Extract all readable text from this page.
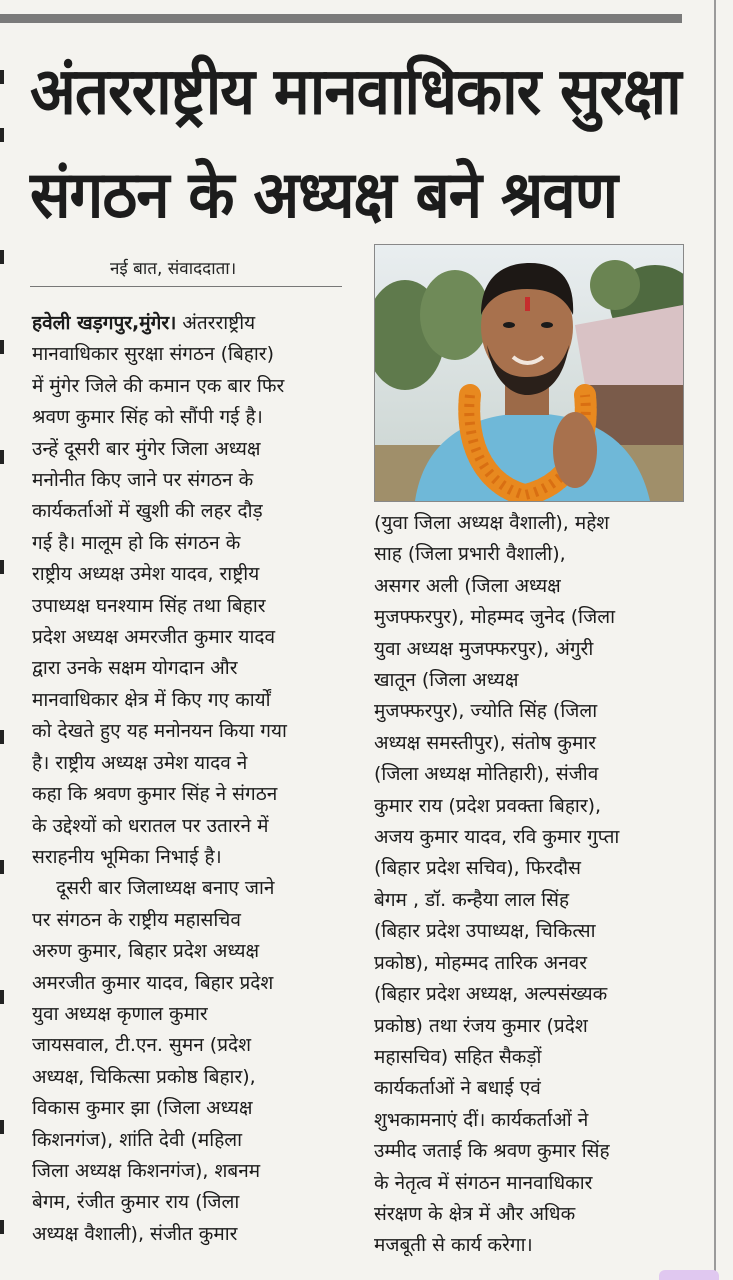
अंतरराष्ट्रीय मानवाधिकार सुरक्षा
संगठन के अध्यक्ष बने श्रवण
नई बात, संवाददाता।
हवेली खड़गपुर,मुंगेर। अंतरराष्ट्रीय
मानवाधिकार सुरक्षा संगठन (बिहार)
में मुंगेर जिले की कमान एक बार फिर
श्रवण कुमार सिंह को सौंपी गई है।
उन्हें दूसरी बार मुंगेर जिला अध्यक्ष
मनोनीत किए जाने पर संगठन के
कार्यकर्ताओं में खुशी की लहर दौड़
गई है। मालूम हो कि संगठन के
राष्ट्रीय अध्यक्ष उमेश यादव, राष्ट्रीय
उपाध्यक्ष घनश्याम सिंह तथा बिहार
प्रदेश अध्यक्ष अमरजीत कुमार यादव
द्वारा उनके सक्षम योगदान और
मानवाधिकार क्षेत्र में किए गए कार्यों
को देखते हुए यह मनोनयन किया गया
है। राष्ट्रीय अध्यक्ष उमेश यादव ने
कहा कि श्रवण कुमार सिंह ने संगठन
के उद्देश्यों को धरातल पर उतारने में
सराहनीय भूमिका निभाई है।
दूसरी बार जिलाध्यक्ष बनाए जाने
पर संगठन के राष्ट्रीय महासचिव
अरुण कुमार, बिहार प्रदेश अध्यक्ष
अमरजीत कुमार यादव, बिहार प्रदेश
युवा अध्यक्ष कृणाल कुमार
जायसवाल, टी.एन. सुमन (प्रदेश
अध्यक्ष, चिकित्सा प्रकोष्ठ बिहार),
विकास कुमार झा (जिला अध्यक्ष
किशनगंज), शांति देवी (महिला
जिला अध्यक्ष किशनगंज), शबनम
बेगम, रंजीत कुमार राय (जिला
अध्यक्ष वैशाली), संजीत कुमार
(युवा जिला अध्यक्ष वैशाली), महेश
साह (जिला प्रभारी वैशाली),
असगर अली (जिला अध्यक्ष
मुजफ्फरपुर), मोहम्मद जुनेद (जिला
युवा अध्यक्ष मुजफ्फरपुर), अंगुरी
खातून (जिला अध्यक्ष
मुजफ्फरपुर), ज्योति सिंह (जिला
अध्यक्ष समस्तीपुर), संतोष कुमार
(जिला अध्यक्ष मोतिहारी), संजीव
कुमार राय (प्रदेश प्रवक्ता बिहार),
अजय कुमार यादव, रवि कुमार गुप्ता
(बिहार प्रदेश सचिव), फिरदौस
बेगम , डॉ. कन्हैया लाल सिंह
(बिहार प्रदेश उपाध्यक्ष, चिकित्सा
प्रकोष्ठ), मोहम्मद तारिक अनवर
(बिहार प्रदेश अध्यक्ष, अल्पसंख्यक
प्रकोष्ठ) तथा रंजय कुमार (प्रदेश
महासचिव) सहित सैकड़ों
कार्यकर्ताओं ने बधाई एवं
शुभकामनाएं दीं। कार्यकर्ताओं ने
उम्मीद जताई कि श्रवण कुमार सिंह
के नेतृत्व में संगठन मानवाधिकार
संरक्षण के क्षेत्र में और अधिक
मजबूती से कार्य करेगा।
